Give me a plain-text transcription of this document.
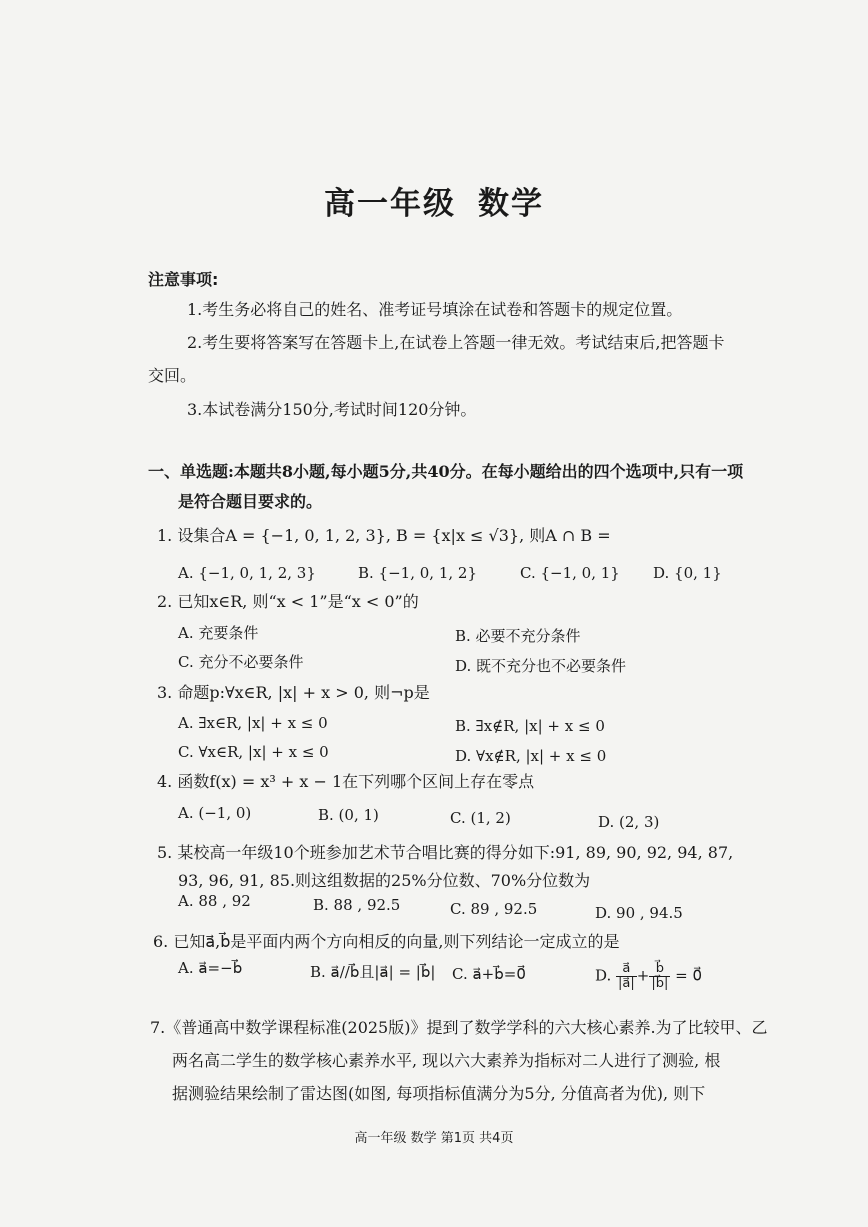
高一年级 数学
注意事项:
1.考生务必将自己的姓名、准考证号填涂在试卷和答题卡的规定位置。
2.考生要将答案写在答题卡上,在试卷上答题一律无效。考试结束后,把答题卡
交回。
3.本试卷满分150分,考试时间120分钟。
一、单选题:本题共8小题,每小题5分,共40分。在每小题给出的四个选项中,只有一项
是符合题目要求的。
1. 设集合A = {−1, 0, 1, 2, 3}, B = {x|x ≤ √3}, 则A ∩ B =
A. {−1, 0, 1, 2, 3}	B. {−1, 0, 1, 2}	C. {−1, 0, 1} D. {0, 1}
2. 已知x∈R, 则“x < 1”是“x < 0”的
A. 充要条件	B. 必要不充分条件
C. 充分不必要条件	D. 既不充分也不必要条件
3. 命题p:∀x∈R, |x| + x > 0, 则¬p是
A. ∃x∈R, |x| + x ≤ 0	B. ∃x∉R, |x| + x ≤ 0
C. ∀x∈R, |x| + x ≤ 0	D. ∀x∉R, |x| + x ≤ 0
4. 函数f(x) = x³ + x − 1在下列哪个区间上存在零点
A. (−1, 0)	B. (0, 1)	C. (1, 2)	D. (2, 3)
5. 某校高一年级10个班参加艺术节合唱比赛的得分如下:91, 89, 90, 92, 94, 87,
93, 96, 91, 85.则这组数据的25%分位数、70%分位数为
A. 88 , 92	B. 88 , 92.5	C. 89 , 92.5	D. 90 , 94.5
6. 已知a⃗,b⃗是平面内两个方向相反的向量,则下列结论一定成立的是
A. a⃗=−b⃗	B. a⃗//b⃗且|a⃗| = |b⃗| C. a⃗+b⃗=0⃗	D. $\frac{a⃗}{|a⃗|} + \frac{b⃗}{|b⃗|}$ = 0⃗
7.《普通高中数学课程标准(2025版)》提到了数学学科的六大核心素养.为了比较甲、乙
两名高二学生的数学核心素养水平, 现以六大素养为指标对二人进行了测验, 根
据测验结果绘制了雷达图(如图, 每项指标值满分为5分, 分值高者为优), 则下
高一年级 数学 第1页 共4页
